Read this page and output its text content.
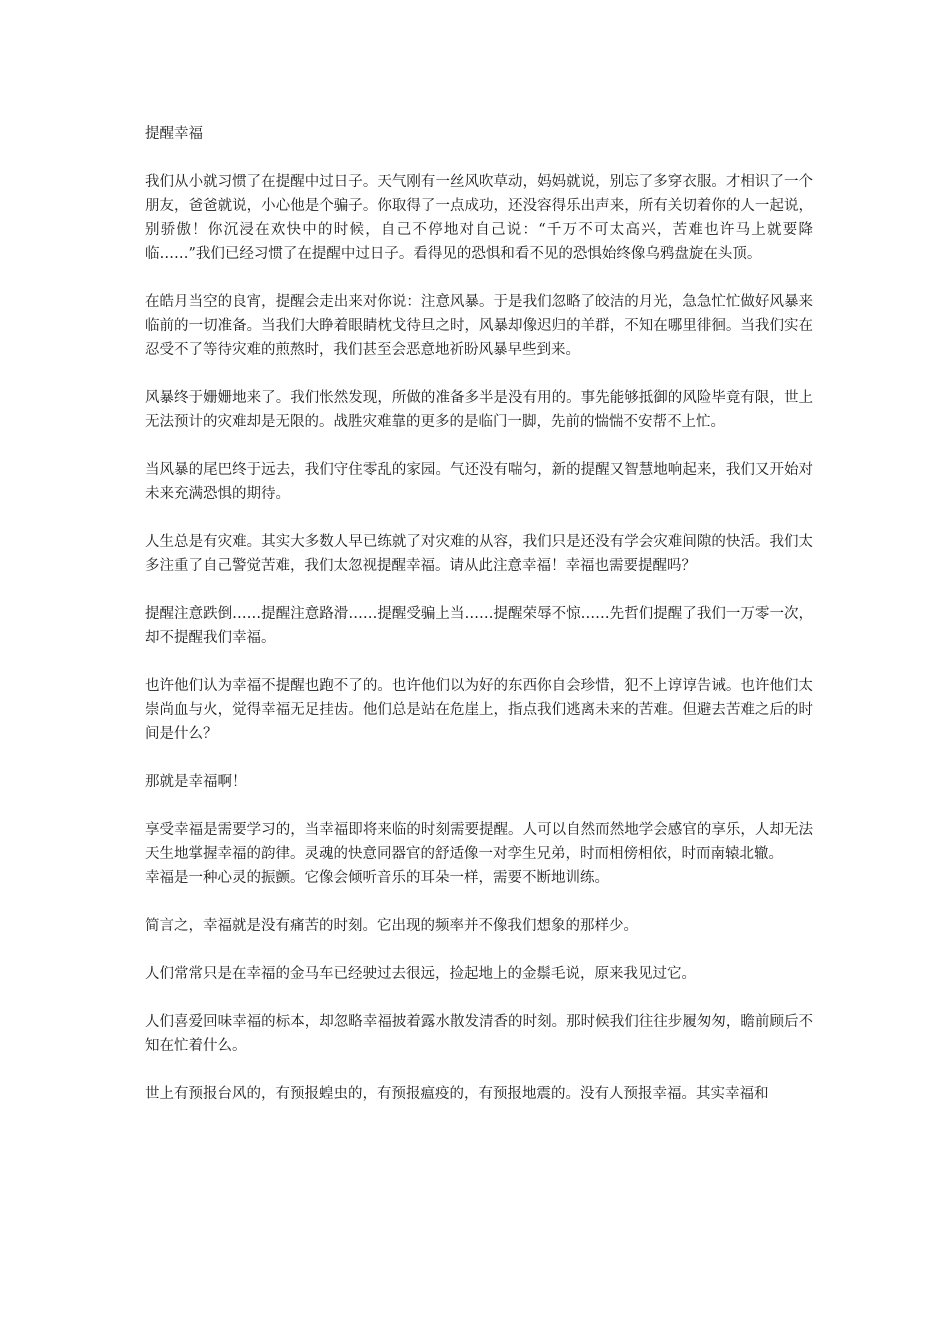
提醒幸福

我们从小就习惯了在提醒中过日子。天气刚有一丝风吹草动，妈妈就说，别忘了多穿衣服。才相识了一个朋友，爸爸就说，小心他是个骗子。你取得了一点成功，还没容得乐出声来，所有关切着你的人一起说，别骄傲！你沉浸在欢快中的时候，自己不停地对自己说：“千万不可太高兴，苦难也许马上就要降临……”我们已经习惯了在提醒中过日子。看得见的恐惧和看不见的恐惧始终像乌鸦盘旋在头顶。

在皓月当空的良宵，提醒会走出来对你说：注意风暴。于是我们忽略了皎洁的月光，急急忙忙做好风暴来临前的一切准备。当我们大睁着眼睛枕戈待旦之时，风暴却像迟归的羊群，不知在哪里徘徊。当我们实在忍受不了等待灾难的煎熬时，我们甚至会恶意地祈盼风暴早些到来。

风暴终于姗姗地来了。我们怅然发现，所做的准备多半是没有用的。事先能够抵御的风险毕竟有限，世上无法预计的灾难却是无限的。战胜灾难靠的更多的是临门一脚，先前的惴惴不安帮不上忙。

当风暴的尾巴终于远去，我们守住零乱的家园。气还没有喘匀，新的提醒又智慧地响起来，我们又开始对未来充满恐惧的期待。

人生总是有灾难。其实大多数人早已练就了对灾难的从容，我们只是还没有学会灾难间隙的快活。我们太多注重了自己警觉苦难，我们太忽视提醒幸福。请从此注意幸福！幸福也需要提醒吗？

提醒注意跌倒……提醒注意路滑……提醒受骗上当……提醒荣辱不惊……先哲们提醒了我们一万零一次，却不提醒我们幸福。

也许他们认为幸福不提醒也跑不了的。也许他们以为好的东西你自会珍惜，犯不上谆谆告诫。也许他们太崇尚血与火，觉得幸福无足挂齿。他们总是站在危崖上，指点我们逃离未来的苦难。但避去苦难之后的时间是什么？

那就是幸福啊！

享受幸福是需要学习的，当幸福即将来临的时刻需要提醒。人可以自然而然地学会感官的享乐，人却无法天生地掌握幸福的韵律。灵魂的快意同器官的舒适像一对孪生兄弟，时而相傍相依，时而南辕北辙。

幸福是一种心灵的振颤。它像会倾听音乐的耳朵一样，需要不断地训练。

简言之，幸福就是没有痛苦的时刻。它出现的频率并不像我们想象的那样少。

人们常常只是在幸福的金马车已经驶过去很远，捡起地上的金鬃毛说，原来我见过它。

人们喜爱回味幸福的标本，却忽略幸福披着露水散发清香的时刻。那时候我们往往步履匆匆，瞻前顾后不知在忙着什么。

世上有预报台风的，有预报蝗虫的，有预报瘟疫的，有预报地震的。没有人预报幸福。其实幸福和
